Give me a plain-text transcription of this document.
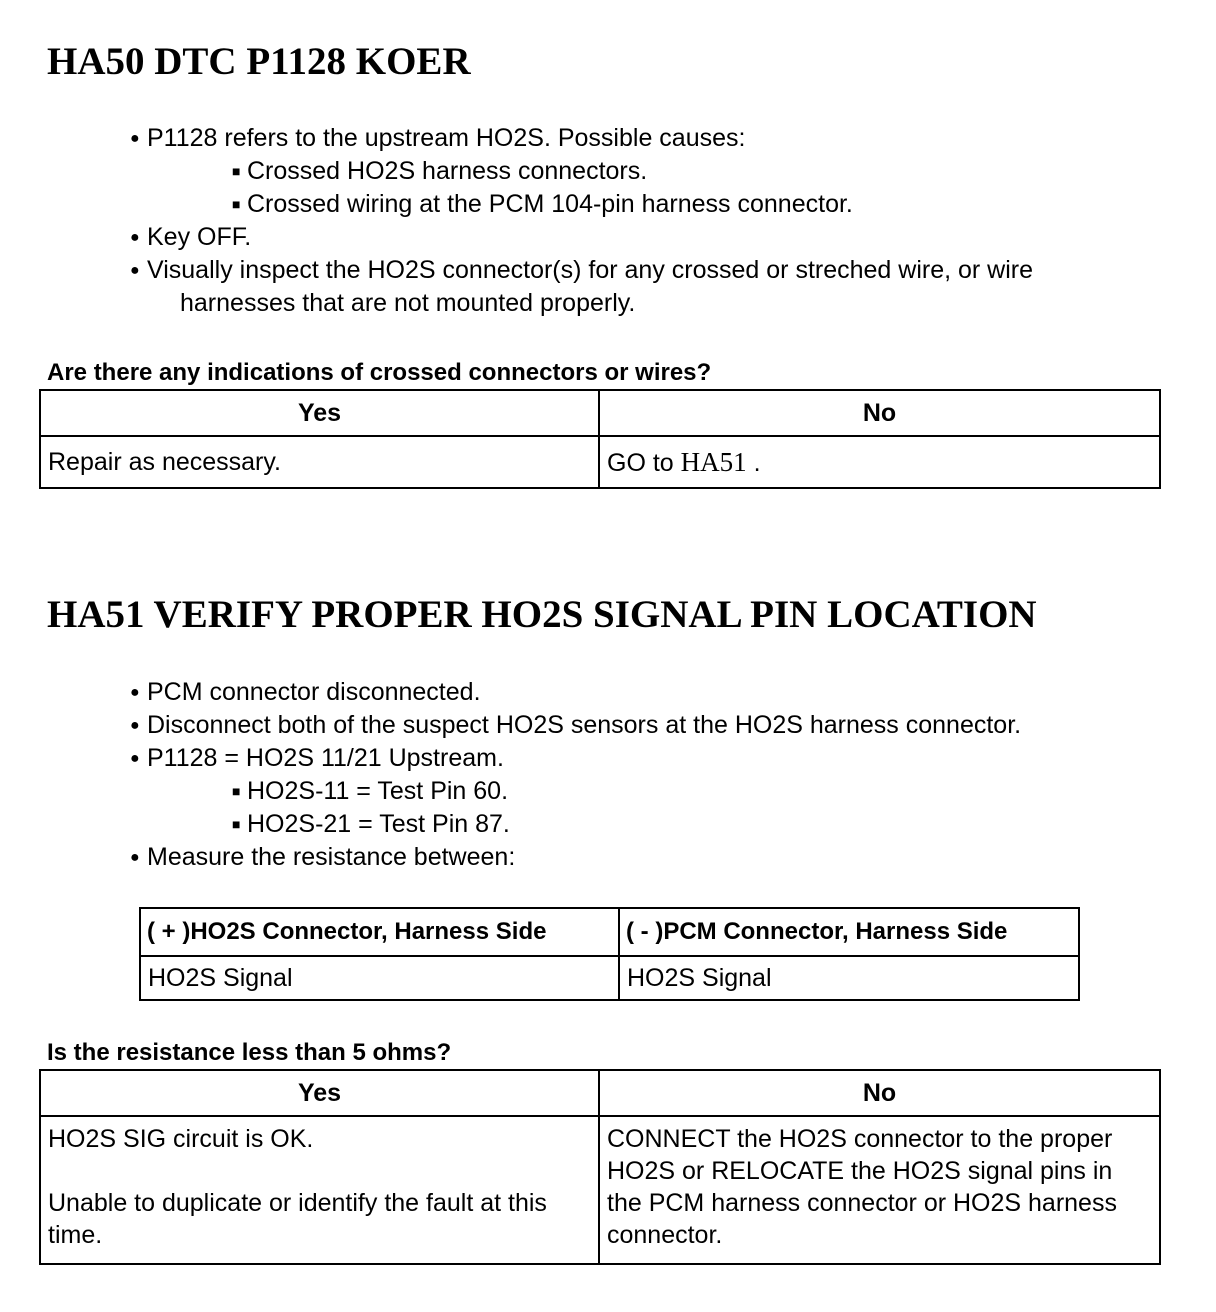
HA50 DTC P1128 KOER
● P1128 refers to the upstream HO2S. Possible causes:
■ Crossed HO2S harness connectors.
■ Crossed wiring at the PCM 104-pin harness connector.
● Key OFF.
● Visually inspect the HO2S connector(s) for any crossed or streched wire, or wire
harnesses that are not mounted properly.
Are there any indications of crossed connectors or wires?
Yes	No
Repair as necessary.	GO to HA51 .
HA51 VERIFY PROPER HO2S SIGNAL PIN LOCATION
● PCM connector disconnected.
● Disconnect both of the suspect HO2S sensors at the HO2S harness connector.
● P1128 = HO2S 11/21 Upstream.
■ HO2S-11 = Test Pin 60.
■ HO2S-21 = Test Pin 87.
● Measure the resistance between:
( + )HO2S Connector, Harness Side	( - )PCM Connector, Harness Side
HO2S Signal	HO2S Signal
Is the resistance less than 5 ohms?
Yes	No

HO2S SIG circuit is OK.
Unable to duplicate or identify the fault at this time.	CONNECT the HO2S connector to the proper HO2S or RELOCATE the HO2S signal pins in the PCM harness connector or HO2S harness connector.
